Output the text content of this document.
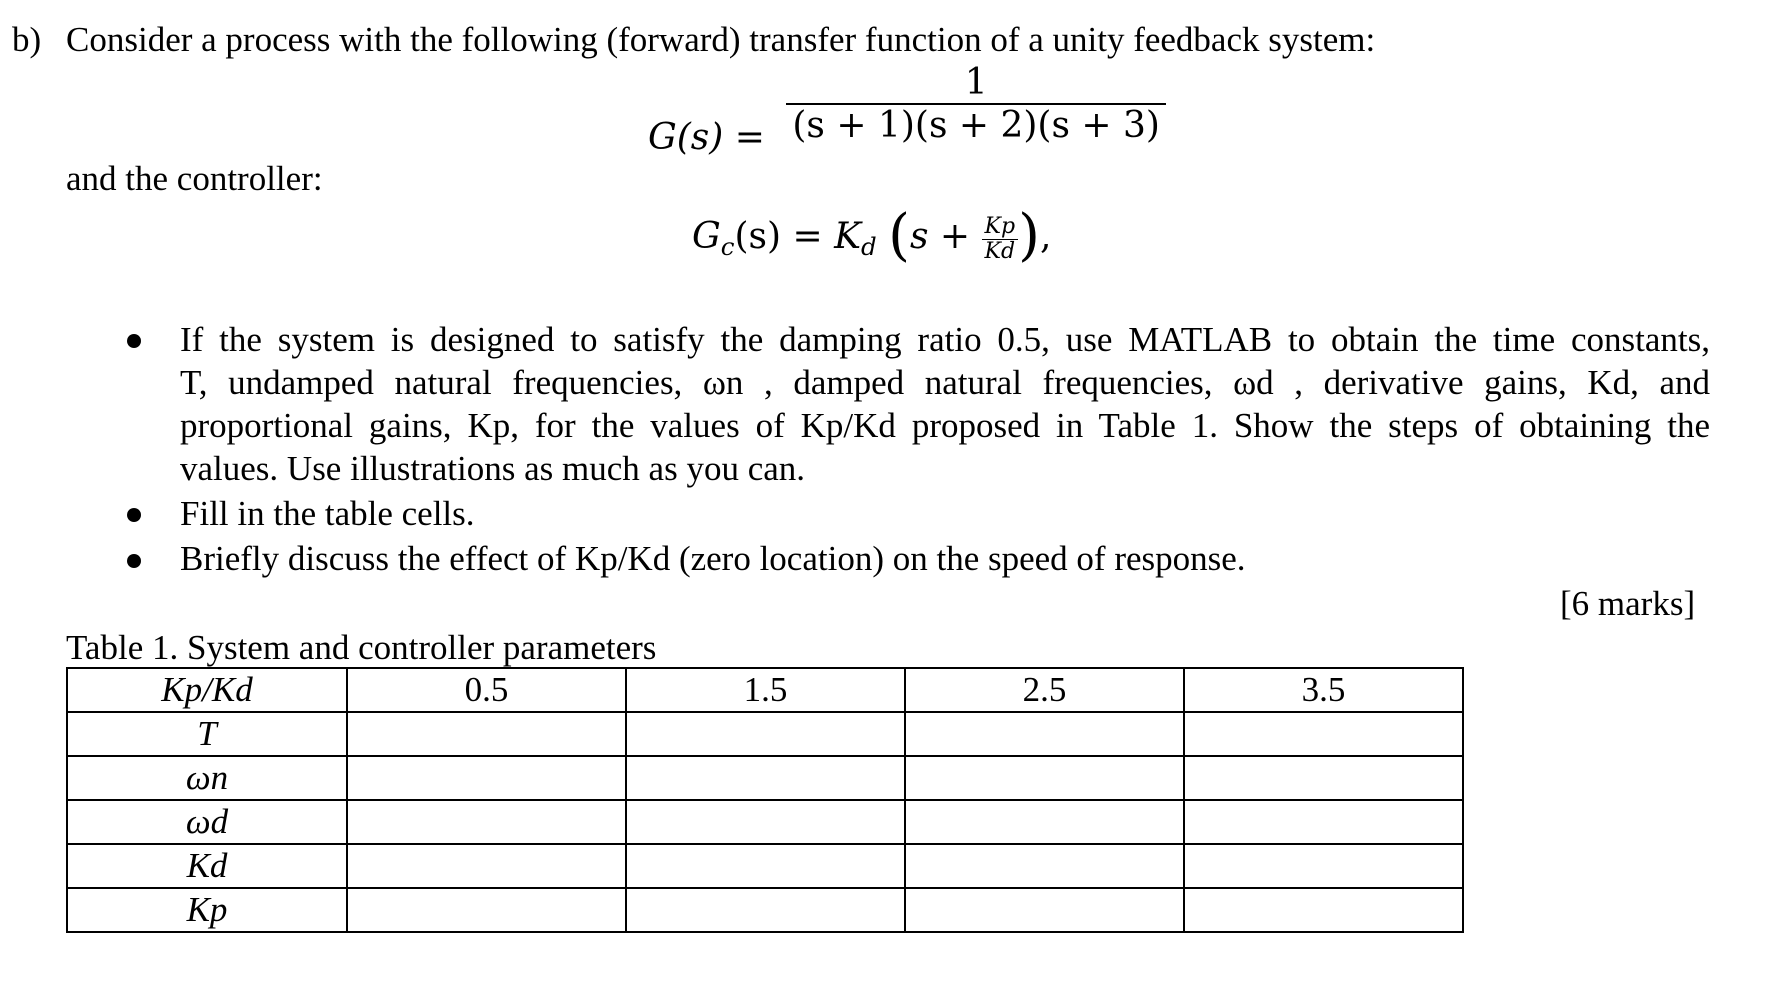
b) Consider a process with the following (forward) transfer function of a unity feedback system:
$G(s) = \frac{1}{(s + 1)(s + 2)(s + 3)}$
and the controller:
$G_c(s) = K_d$ ($s + \frac{Kp}{Kd}$ ),
If the system is designed to satisfy the damping ratio 0.5, use MATLAB to obtain the time constants,
T, undamped natural frequencies, ωn , damped natural frequencies, ωd , derivative gains, Kd, and
proportional gains, Kp, for the values of Kp/Kd proposed in Table 1. Show the steps of obtaining the
values. Use illustrations as much as you can.
Fill in the table cells.
Briefly discuss the effect of Kp/Kd (zero location) on the speed of response.
[6 marks]
Table 1. System and controller parameters
Kp/Kd	0.5	1.5	2.5	3.5
T				
ωn				
ωd				
Kd				
Kp				
